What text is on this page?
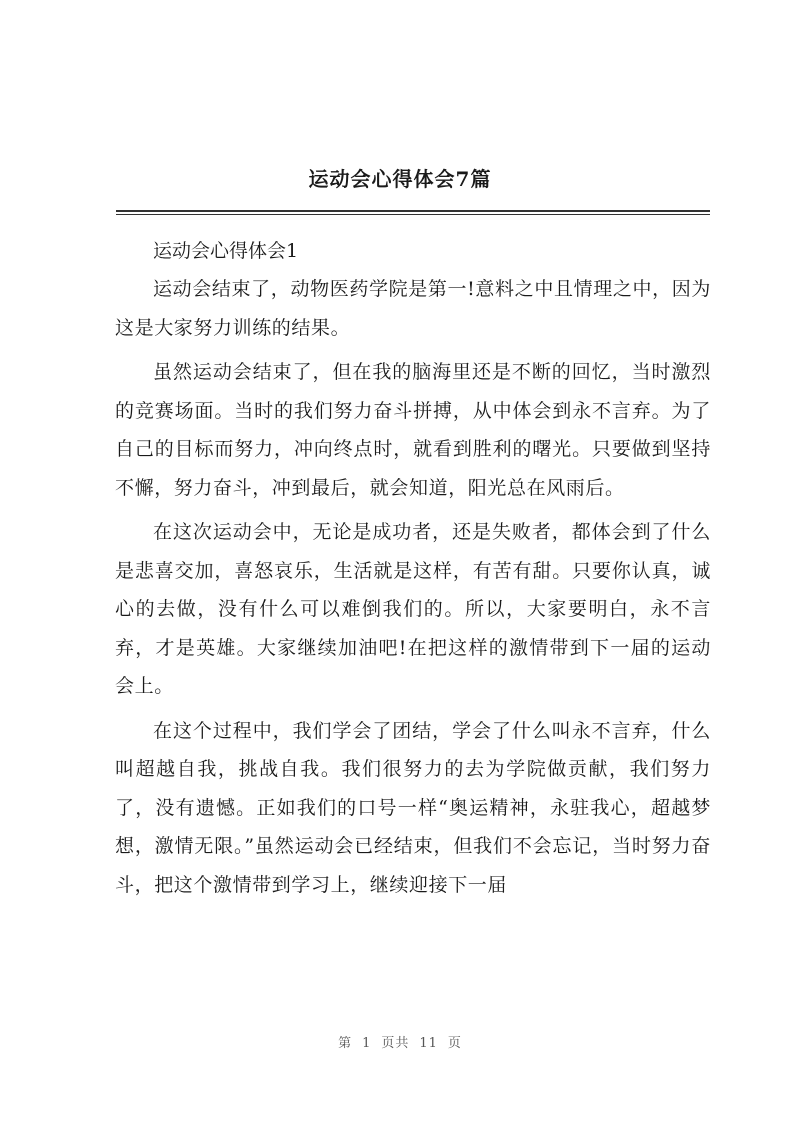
运动会心得体会7篇

运动会心得体会1

运动会结束了，动物医药学院是第一!意料之中且情理之中，因为这是大家努力训练的结果。

虽然运动会结束了，但在我的脑海里还是不断的回忆，当时激烈的竞赛场面。当时的我们努力奋斗拼搏，从中体会到永不言弃。为了自己的目标而努力，冲向终点时，就看到胜利的曙光。只要做到坚持不懈，努力奋斗，冲到最后，就会知道，阳光总在风雨后。

在这次运动会中，无论是成功者，还是失败者，都体会到了什么是悲喜交加，喜怒哀乐，生活就是这样，有苦有甜。只要你认真，诚心的去做，没有什么可以难倒我们的。所以，大家要明白，永不言弃，才是英雄。大家继续加油吧!在把这样的激情带到下一届的运动会上。

在这个过程中，我们学会了团结，学会了什么叫永不言弃，什么叫超越自我，挑战自我。我们很努力的去为学院做贡献，我们努力了，没有遗憾。正如我们的口号一样“奥运精神，永驻我心，超越梦想，激情无限。”虽然运动会已经结束，但我们不会忘记，当时努力奋斗，把这个激情带到学习上，继续迎接下一届

第 1 页共 11 页
